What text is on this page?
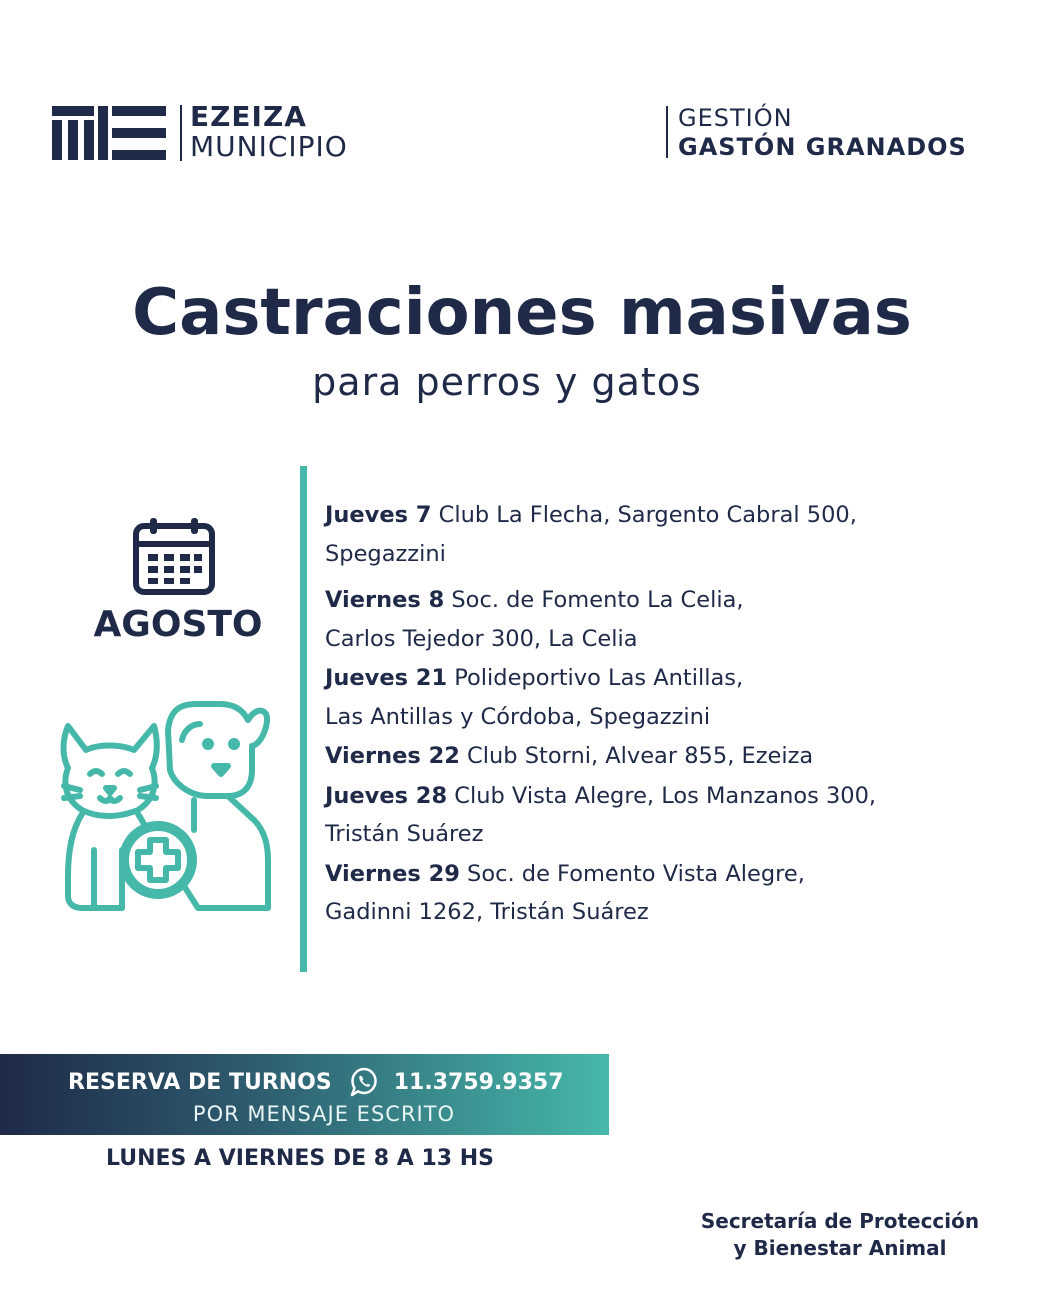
EZEIZA
MUNICIPIO
GESTIÓN
GASTÓN GRANADOS
Castraciones masivas
para perros y gatos
AGOSTO
Jueves 7 Club La Flecha, Sargento Cabral 500,
Spegazzini
Viernes 8 Soc. de Fomento La Celia,
Carlos Tejedor 300, La Celia
Jueves 21 Polideportivo Las Antillas,
Las Antillas y Córdoba, Spegazzini
Viernes 22 Club Storni, Alvear 855, Ezeiza
Jueves 28 Club Vista Alegre, Los Manzanos 300,
Tristán Suárez
Viernes 29 Soc. de Fomento Vista Alegre,
Gadinni 1262, Tristán Suárez
RESERVA DE TURNOS	11.3759.9357
POR MENSAJE ESCRITO
LUNES A VIERNES DE 8 A 13 HS
Secretaría de Protección
y Bienestar Animal
